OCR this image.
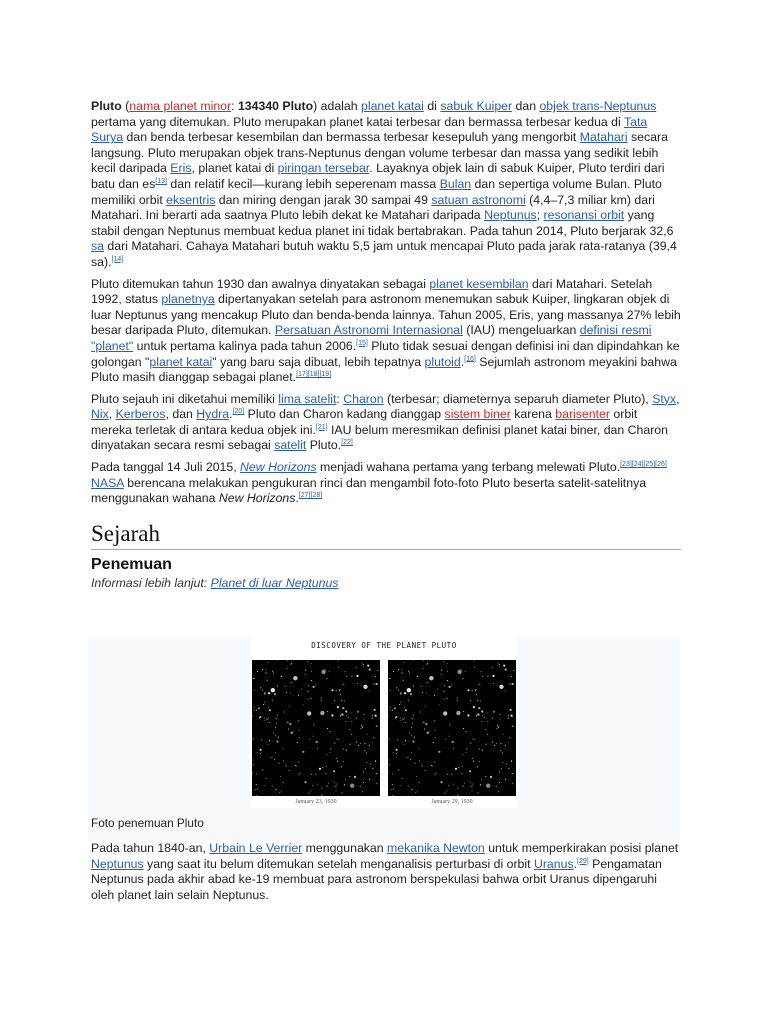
Pluto (nama planet minor: 134340 Pluto) adalah planet katai di sabuk Kuiper dan objek trans-Neptunus pertama yang ditemukan. Pluto merupakan planet katai terbesar dan bermassa terbesar kedua di Tata Surya dan benda terbesar kesembilan dan bermassa terbesar kesepuluh yang mengorbit Matahari secara langsung. Pluto merupakan objek trans-Neptunus dengan volume terbesar dan massa yang sedikit lebih kecil daripada Eris, planet katai di piringan tersebar. Layaknya objek lain di sabuk Kuiper, Pluto terdiri dari batu dan es[13] dan relatif kecil—kurang lebih seperenam massa Bulan dan sepertiga volume Bulan. Pluto memiliki orbit eksentris dan miring dengan jarak 30 sampai 49 satuan astronomi (4,4–7,3 miliar km) dari Matahari. Ini berarti ada saatnya Pluto lebih dekat ke Matahari daripada Neptunus; resonansi orbit yang stabil dengan Neptunus membuat kedua planet ini tidak bertabrakan. Pada tahun 2014, Pluto berjarak 32,6 sa dari Matahari. Cahaya Matahari butuh waktu 5,5 jam untuk mencapai Pluto pada jarak rata-ratanya (39,4 sa).[14]

Pluto ditemukan tahun 1930 dan awalnya dinyatakan sebagai planet kesembilan dari Matahari. Setelah 1992, status planetnya dipertanyakan setelah para astronom menemukan sabuk Kuiper, lingkaran objek di luar Neptunus yang mencakup Pluto dan benda-benda lainnya. Tahun 2005, Eris, yang massanya 27% lebih besar daripada Pluto, ditemukan. Persatuan Astronomi Internasional (IAU) mengeluarkan definisi resmi "planet" untuk pertama kalinya pada tahun 2006.[15] Pluto tidak sesuai dengan definisi ini dan dipindahkan ke golongan "planet katai" yang baru saja dibuat, lebih tepatnya plutoid.[16] Sejumlah astronom meyakini bahwa Pluto masih dianggap sebagai planet.[17][18][19]

Pluto sejauh ini diketahui memiliki lima satelit: Charon (terbesar; diameternya separuh diameter Pluto), Styx, Nix, Kerberos, dan Hydra.[20] Pluto dan Charon kadang dianggap sistem biner karena barisenter orbit mereka terletak di antara kedua objek ini.[21] IAU belum meresmikan definisi planet katai biner, dan Charon dinyatakan secara resmi sebagai satelit Pluto.[22]

Pada tanggal 14 Juli 2015, New Horizons menjadi wahana pertama yang terbang melewati Pluto.[23][24][25][26] NASA berencana melakukan pengukuran rinci dan mengambil foto-foto Pluto beserta satelit-satelitnya menggunakan wahana New Horizons.[27][28]

Sejarah
Penemuan
Informasi lebih lanjut: Planet di luar Neptunus
DISCOVERY OF THE PLANET PLUTO
January 23, 1930	January 29, 1930
Foto penemuan Pluto

Pada tahun 1840-an, Urbain Le Verrier menggunakan mekanika Newton untuk memperkirakan posisi planet Neptunus yang saat itu belum ditemukan setelah menganalisis perturbasi di orbit Uranus.[29] Pengamatan Neptunus pada akhir abad ke-19 membuat para astronom berspekulasi bahwa orbit Uranus dipengaruhi oleh planet lain selain Neptunus.
